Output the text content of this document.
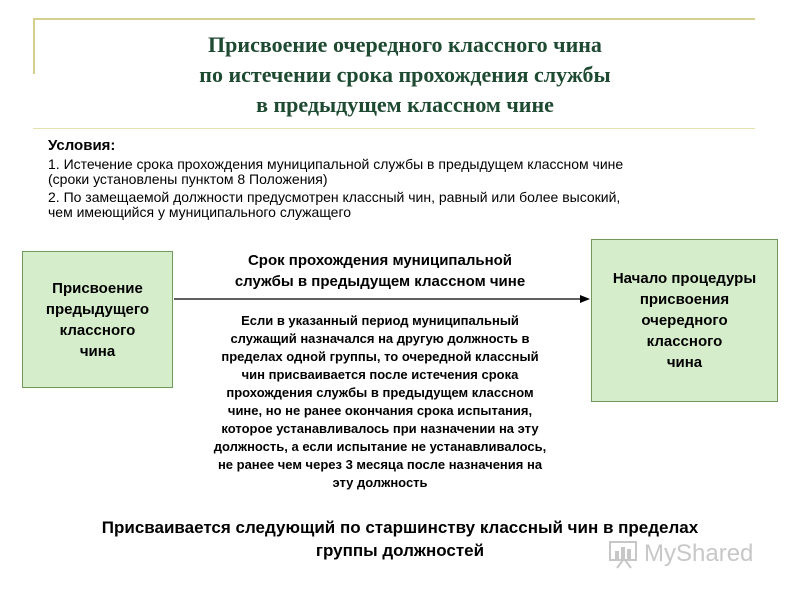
Присвоение очередного классного чина
по истечении срока прохождения службы
в предыдущем классном чине
Условия:
1. Истечение срока прохождения муниципальной службы в предыдущем классном чине
(сроки установлены пунктом 8 Положения)
2. По замещаемой должности предусмотрен классный чин, равный или более высокий,
чем имеющийся у муниципального служащего
Присвоение
предыдущего
классного
чина
Срок прохождения муниципальной
службы в предыдущем классном чине	Начало процедуры
присвоения
очередного
классного
чина
Если в указанный период муниципальный
служащий назначался на другую должность в
пределах одной группы, то очередной классный
чин присваивается после истечения срока
прохождения службы в предыдущем классном
чине, но не ранее окончания срока испытания,
которое устанавливалось при назначении на эту
должность, а если испытание не устанавливалось,
не ранее чем через 3 месяца после назначения на
эту должность
Присваивается следующий по старшинству классный чин в пределах
группы должностей	MyShared
